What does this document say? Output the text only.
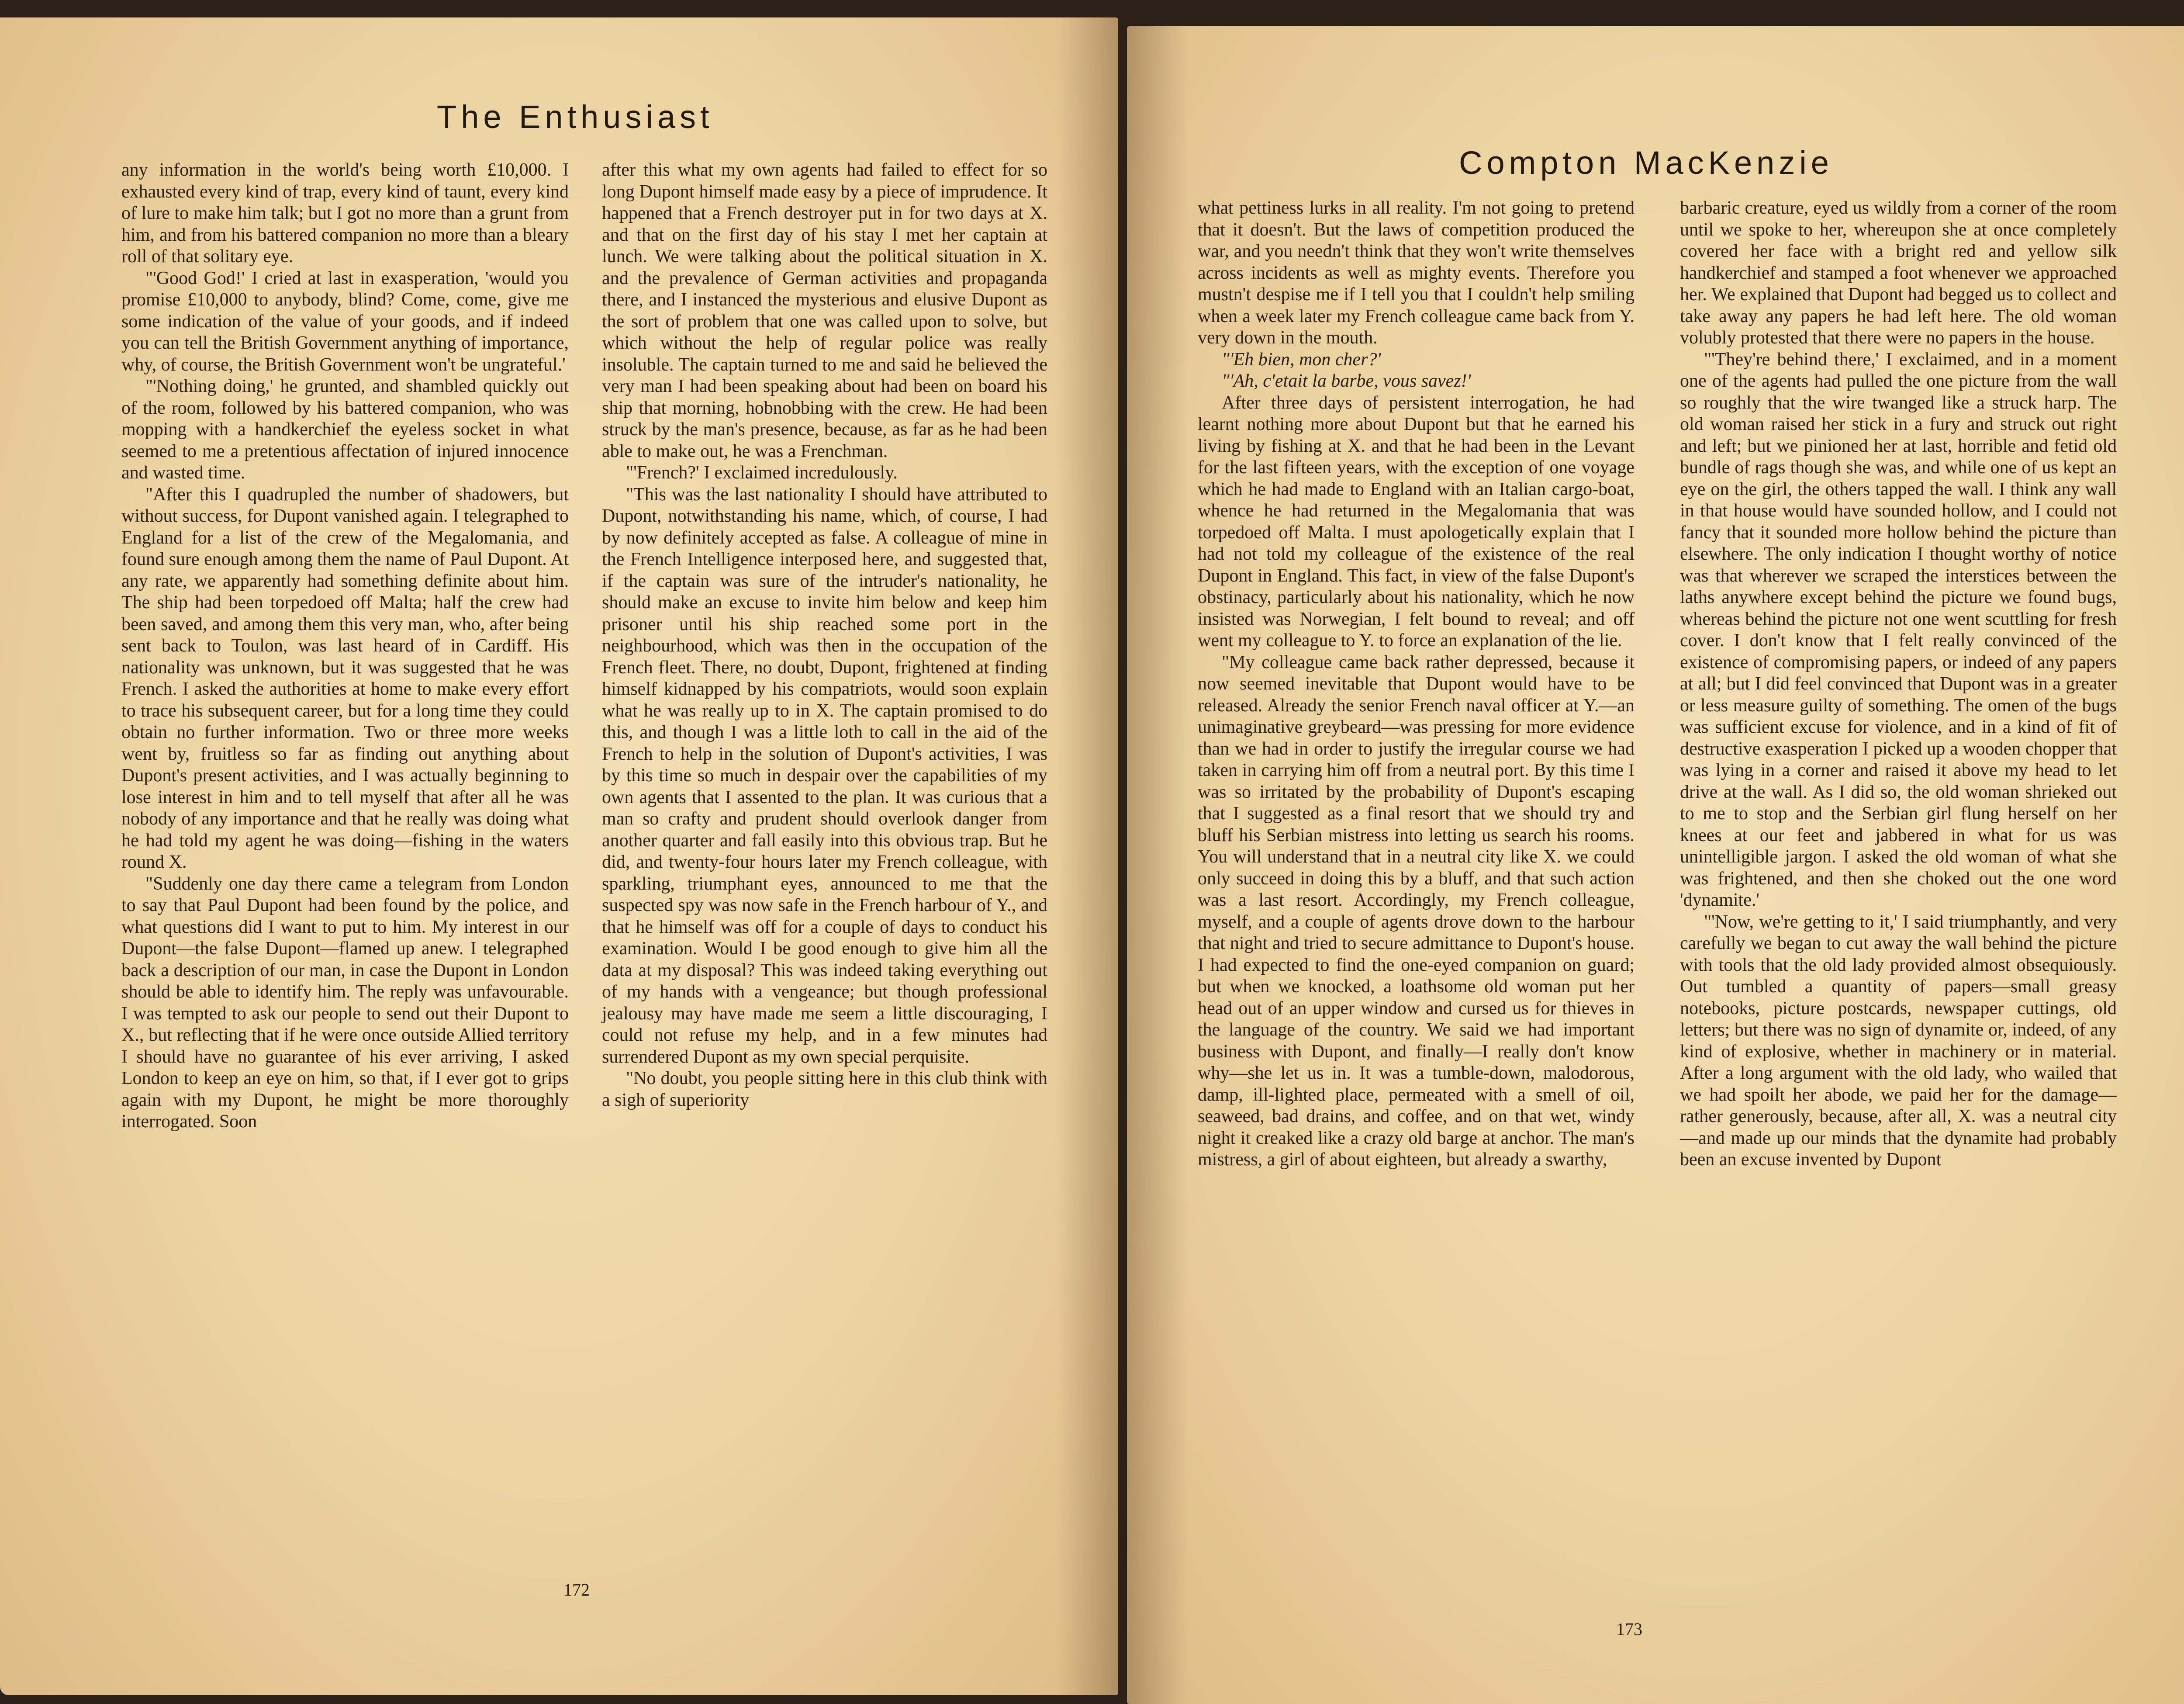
The Enthusiast

any information in the world's being worth £10,000. I exhausted every kind of trap, every kind of taunt, every kind of lure to make him talk; but I got no more than a grunt from him, and from his battered companion no more than a bleary roll of that solitary eye.

"'Good God!' I cried at last in exasperation, 'would you promise £10,000 to anybody, blind? Come, come, give me some indication of the value of your goods, and if indeed you can tell the British Government anything of importance, why, of course, the British Government won't be ungrateful.'

"'Nothing doing,' he grunted, and shambled quickly out of the room, followed by his battered companion, who was mopping with a handkerchief the eyeless socket in what seemed to me a pretentious affectation of injured innocence and wasted time.

"After this I quadrupled the number of shadowers, but without success, for Dupont vanished again. I telegraphed to England for a list of the crew of the Megalomania, and found sure enough among them the name of Paul Dupont. At any rate, we apparently had something definite about him. The ship had been torpedoed off Malta; half the crew had been saved, and among them this very man, who, after being sent back to Toulon, was last heard of in Cardiff. His nationality was unknown, but it was suggested that he was French. I asked the authorities at home to make every effort to trace his subsequent career, but for a long time they could obtain no further information. Two or three more weeks went by, fruitless so far as finding out anything about Dupont's present activities, and I was actually beginning to lose interest in him and to tell myself that after all he was nobody of any importance and that he really was doing what he had told my agent he was doing—fishing in the waters round X.

"Suddenly one day there came a telegram from London to say that Paul Dupont had been found by the police, and what questions did I want to put to him. My interest in our Dupont—the false Dupont—flamed up anew. I telegraphed back a description of our man, in case the Dupont in London should be able to identify him. The reply was unfavourable. I was tempted to ask our people to send out their Dupont to X., but reflecting that if he were once outside Allied territory I should have no guarantee of his ever arriving, I asked London to keep an eye on him, so that, if I ever got to grips again with my Dupont, he might be more thoroughly interrogated. Soon

after this what my own agents had failed to effect for so long Dupont himself made easy by a piece of imprudence. It happened that a French destroyer put in for two days at X. and that on the first day of his stay I met her captain at lunch. We were talking about the political situation in X. and the prevalence of German activities and propaganda there, and I instanced the mysterious and elusive Dupont as the sort of problem that one was called upon to solve, but which without the help of regular police was really insoluble. The captain turned to me and said he believed the very man I had been speaking about had been on board his ship that morning, hobnobbing with the crew. He had been struck by the man's presence, because, as far as he had been able to make out, he was a Frenchman.

"'French?' I exclaimed incredulously.

"This was the last nationality I should have attributed to Dupont, notwithstanding his name, which, of course, I had by now definitely accepted as false. A colleague of mine in the French Intelligence interposed here, and suggested that, if the captain was sure of the intruder's nationality, he should make an excuse to invite him below and keep him prisoner until his ship reached some port in the neighbourhood, which was then in the occupation of the French fleet. There, no doubt, Dupont, frightened at finding himself kidnapped by his compatriots, would soon explain what he was really up to in X. The captain promised to do this, and though I was a little loth to call in the aid of the French to help in the solution of Dupont's activities, I was by this time so much in despair over the capabilities of my own agents that I assented to the plan. It was curious that a man so crafty and prudent should overlook danger from another quarter and fall easily into this obvious trap. But he did, and twenty-four hours later my French colleague, with sparkling, triumphant eyes, announced to me that the suspected spy was now safe in the French harbour of Y., and that he himself was off for a couple of days to conduct his examination. Would I be good enough to give him all the data at my disposal? This was indeed taking everything out of my hands with a vengeance; but though professional jealousy may have made me seem a little discouraging, I could not refuse my help, and in a few minutes had surrendered Dupont as my own special perquisite.

"No doubt, you people sitting here in this club think with a sigh of superiority

172
Compton MacKenzie

what pettiness lurks in all reality. I'm not going to pretend that it doesn't. But the laws of competition produced the war, and you needn't think that they won't write themselves across incidents as well as mighty events. Therefore you mustn't despise me if I tell you that I couldn't help smiling when a week later my French colleague came back from Y. very down in the mouth.

"'Eh bien, mon cher?'

"'Ah, c'etait la barbe, vous savez!'

After three days of persistent interrogation, he had learnt nothing more about Dupont but that he earned his living by fishing at X. and that he had been in the Levant for the last fifteen years, with the exception of one voyage which he had made to England with an Italian cargo-boat, whence he had returned in the Megalomania that was torpedoed off Malta. I must apologetically explain that I had not told my colleague of the existence of the real Dupont in England. This fact, in view of the false Dupont's obstinacy, particularly about his nationality, which he now insisted was Norwegian, I felt bound to reveal; and off went my colleague to Y. to force an explanation of the lie.

"My colleague came back rather depressed, because it now seemed inevitable that Dupont would have to be released. Already the senior French naval officer at Y.—an unimaginative greybeard—was pressing for more evidence than we had in order to justify the irregular course we had taken in carrying him off from a neutral port. By this time I was so irritated by the probability of Dupont's escaping that I suggested as a final resort that we should try and bluff his Serbian mistress into letting us search his rooms. You will understand that in a neutral city like X. we could only succeed in doing this by a bluff, and that such action was a last resort. Accordingly, my French colleague, myself, and a couple of agents drove down to the harbour that night and tried to secure admittance to Dupont's house. I had expected to find the one-eyed companion on guard; but when we knocked, a loathsome old woman put her head out of an upper window and cursed us for thieves in the language of the country. We said we had important business with Dupont, and finally—I really don't know why—she let us in. It was a tumble-down, malodorous, damp, ill-lighted place, permeated with a smell of oil, seaweed, bad drains, and coffee, and on that wet, windy night it creaked like a crazy old barge at anchor. The man's mistress, a girl of about eighteen, but already a swarthy,

barbaric creature, eyed us wildly from a corner of the room until we spoke to her, whereupon she at once completely covered her face with a bright red and yellow silk handkerchief and stamped a foot whenever we approached her. We explained that Dupont had begged us to collect and take away any papers he had left here. The old woman volubly protested that there were no papers in the house.

"'They're behind there,' I exclaimed, and in a moment one of the agents had pulled the one picture from the wall so roughly that the wire twanged like a struck harp. The old woman raised her stick in a fury and struck out right and left; but we pinioned her at last, horrible and fetid old bundle of rags though she was, and while one of us kept an eye on the girl, the others tapped the wall. I think any wall in that house would have sounded hollow, and I could not fancy that it sounded more hollow behind the picture than elsewhere. The only indication I thought worthy of notice was that wherever we scraped the interstices between the laths anywhere except behind the picture we found bugs, whereas behind the picture not one went scuttling for fresh cover. I don't know that I felt really convinced of the existence of compromising papers, or indeed of any papers at all; but I did feel convinced that Dupont was in a greater or less measure guilty of something. The omen of the bugs was sufficient excuse for violence, and in a kind of fit of destructive exasperation I picked up a wooden chopper that was lying in a corner and raised it above my head to let drive at the wall. As I did so, the old woman shrieked out to me to stop and the Serbian girl flung herself on her knees at our feet and jabbered in what for us was unintelligible jargon. I asked the old woman of what she was frightened, and then she choked out the one word 'dynamite.'

"'Now, we're getting to it,' I said triumphantly, and very carefully we began to cut away the wall behind the picture with tools that the old lady provided almost obsequiously. Out tumbled a quantity of papers—small greasy notebooks, picture postcards, newspaper cuttings, old letters; but there was no sign of dynamite or, indeed, of any kind of explosive, whether in machinery or in material. After a long argument with the old lady, who wailed that we had spoilt her abode, we paid her for the damage—rather generously, because, after all, X. was a neutral city—and made up our minds that the dynamite had probably been an excuse invented by Dupont

173
